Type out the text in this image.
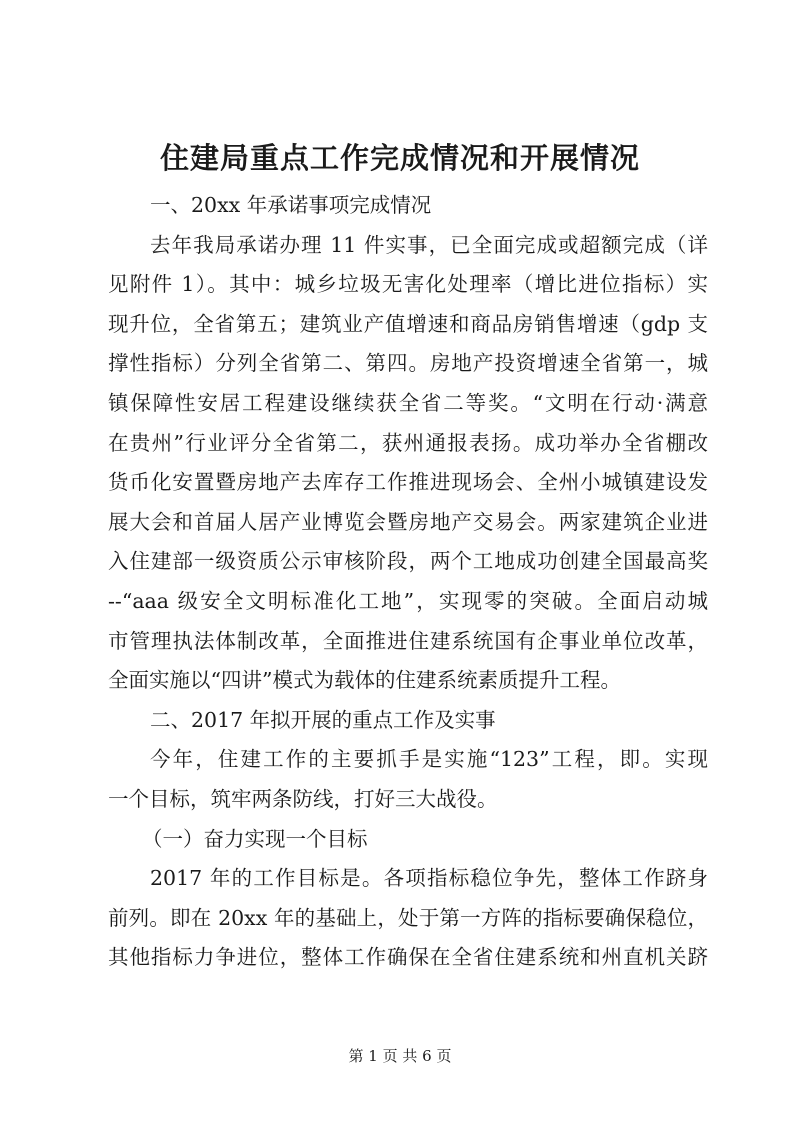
住建局重点工作完成情况和开展情况
一、20xx 年承诺事项完成情况
去年我局承诺办理 11 件实事，已全面完成或超额完成（详
见附件 1）。其中：城乡垃圾无害化处理率（增比进位指标）实
现升位，全省第五；建筑业产值增速和商品房销售增速（gdp 支
撑性指标）分列全省第二、第四。房地产投资增速全省第一，城
镇保障性安居工程建设继续获全省二等奖。“文明在行动·满意
在贵州”行业评分全省第二，获州通报表扬。成功举办全省棚改
货币化安置暨房地产去库存工作推进现场会、全州小城镇建设发
展大会和首届人居产业博览会暨房地产交易会。两家建筑企业进
入住建部一级资质公示审核阶段，两个工地成功创建全国最高奖
--“aaa 级安全文明标准化工地”，实现零的突破。全面启动城
市管理执法体制改革，全面推进住建系统国有企事业单位改革，
全面实施以“四讲”模式为载体的住建系统素质提升工程。
二、2017 年拟开展的重点工作及实事
今年，住建工作的主要抓手是实施“123”工程，即。实现
一个目标，筑牢两条防线，打好三大战役。
（一）奋力实现一个目标
2017 年的工作目标是。各项指标稳位争先，整体工作跻身
前列。即在 20xx 年的基础上，处于第一方阵的指标要确保稳位，
其他指标力争进位，整体工作确保在全省住建系统和州直机关跻
第 1 页 共 6 页
